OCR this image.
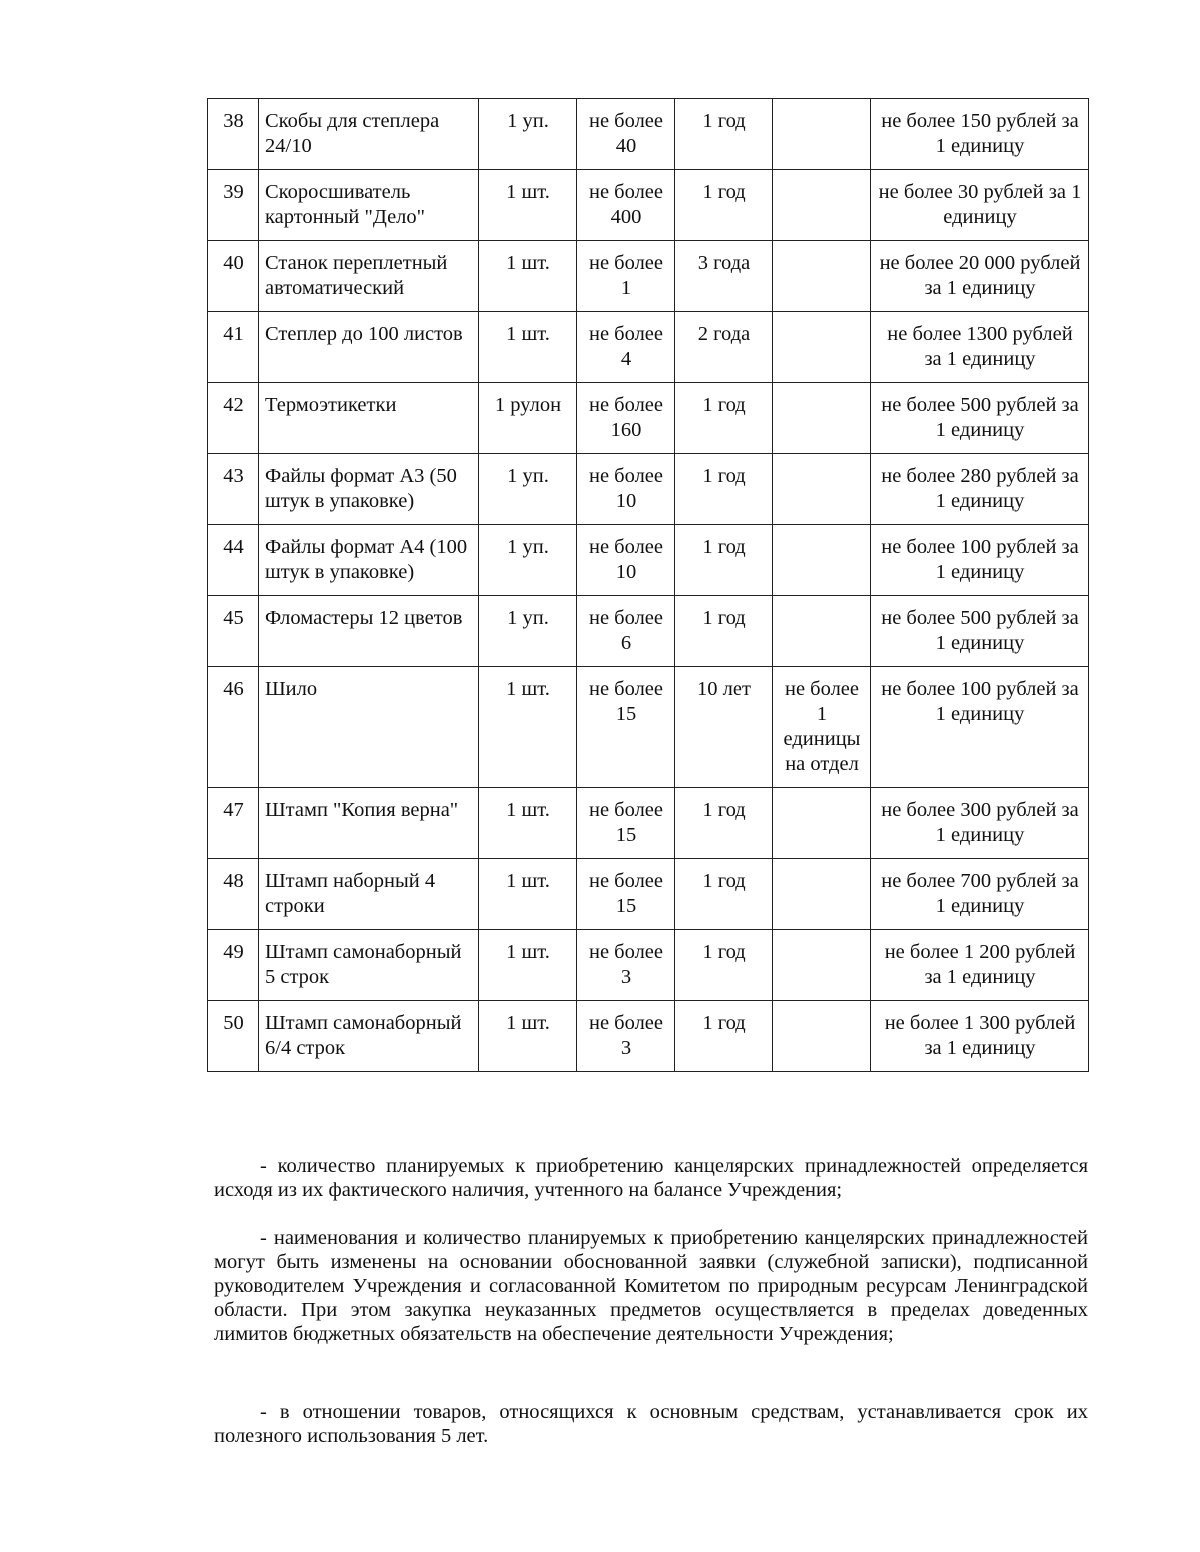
38	Скобы для степлера 24/10	1 уп.	не более 40	1 год		не более 150 рублей за 1 единицу
39	Скоросшиватель картонный "Дело"	1 шт.	не более 400	1 год		не более 30 рублей за 1 единицу
40	Станок переплетный автоматический	1 шт.	не более 1	3 года		не более 20 000 рублей за 1 единицу
41	Степлер до 100 листов	1 шт.	не более 4	2 года		не более 1300 рублей за 1 единицу
42	Термоэтикетки	1 рулон	не более 160	1 год		не более 500 рублей за 1 единицу
43	Файлы формат А3 (50 штук в упаковке)	1 уп.	не более 10	1 год		не более 280 рублей за 1 единицу
44	Файлы формат А4 (100 штук в упаковке)	1 уп.	не более 10	1 год		не более 100 рублей за 1 единицу
45	Фломастеры 12 цветов	1 уп.	не более 6	1 год		не более 500 рублей за 1 единицу
46	Шило	1 шт.	не более 15	10 лет	не более 1 единицы на отдел	не более 100 рублей за 1 единицу
47	Штамп "Копия верна"	1 шт.	не более 15	1 год		не более 300 рублей за 1 единицу
48	Штамп наборный 4 строки	1 шт.	не более 15	1 год		не более 700 рублей за 1 единицу
49	Штамп самонаборный 5 строк	1 шт.	не более 3	1 год		не более 1 200 рублей за 1 единицу
50	Штамп самонаборный 6/4 строк	1 шт.	не более 3	1 год		не более 1 300 рублей за 1 единицу

- количество планируемых к приобретению канцелярских принадлежностей определяется исходя из их фактического наличия, учтенного на балансе Учреждения;

- наименования и количество планируемых к приобретению канцелярских принадлежностей могут быть изменены на основании обоснованной заявки (служебной записки), подписанной руководителем Учреждения и согласованной Комитетом по природным ресурсам Ленинградской области. При этом закупка неуказанных предметов осуществляется в пределах доведенных лимитов бюджетных обязательств на обеспечение деятельности Учреждения;

- в отношении товаров, относящихся к основным средствам, устанавливается срок их полезного использования 5 лет.
